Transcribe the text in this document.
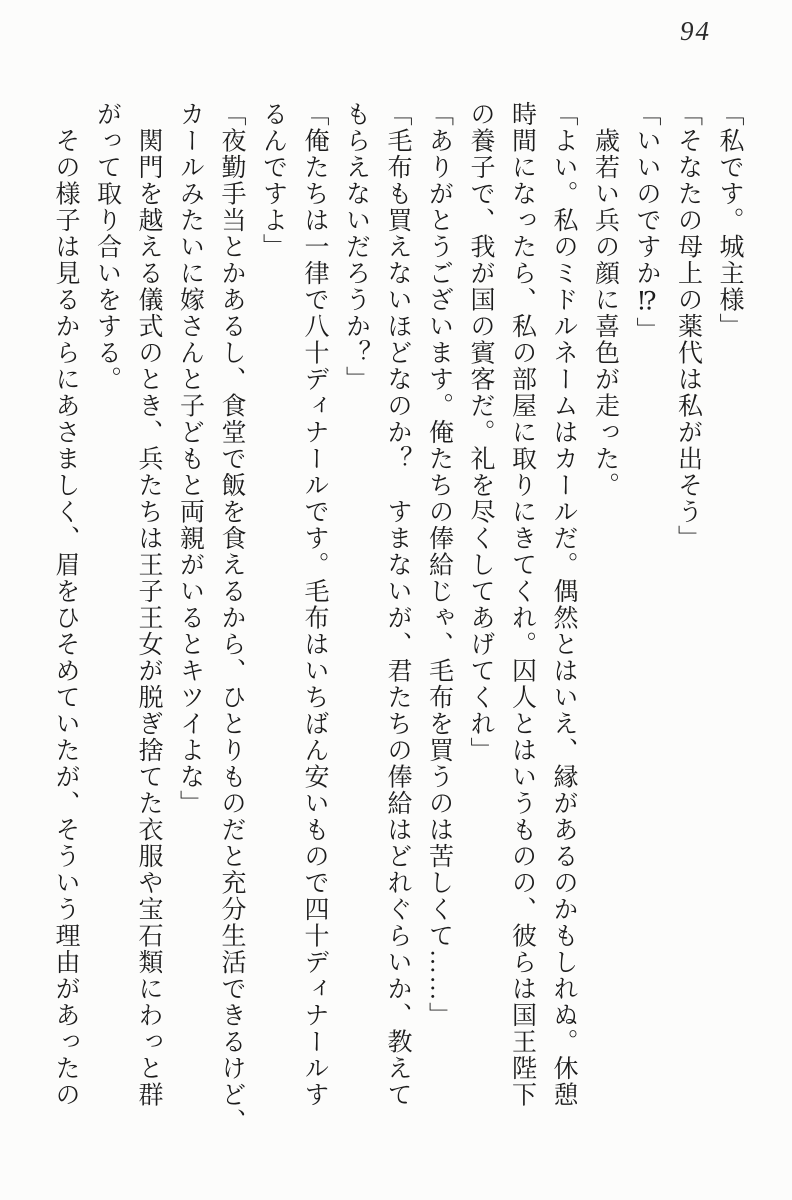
94

「私です。城主様」

「そなたの母上の薬代は私が出そう」

「いいのですか⁉」

　歳若い兵の顔に喜色が走った。

「よい。私のミドルネームはカールだ。偶然とはいえ、縁があるのかもしれぬ。休憩

時間になったら、私の部屋に取りにきてくれ。囚人とはいうものの、彼らは国王陛下

の養子で、我が国の賓客だ。礼を尽くしてあげてくれ」

「ありがとうございます。俺たちの俸給じゃ、毛布を買うのは苦しくて……」

「毛布も買えないほどなのか？　すまないが、君たちの俸給はどれぐらいか、教えて

もらえないだろうか？」

「俺たちは一律で八十ディナールです。毛布はいちばん安いもので四十ディナールす

るんですよ」

「夜勤手当とかあるし、食堂で飯を食えるから、ひとりものだと充分生活できるけど、

カールみたいに嫁さんと子どもと両親がいるとキツイよな」

　関門を越える儀式のとき、兵たちは王子王女が脱ぎ捨てた衣服や宝石類にわっと群

がって取り合いをする。

　その様子は見るからにあさましく、眉をひそめていたが、そういう理由があったの
